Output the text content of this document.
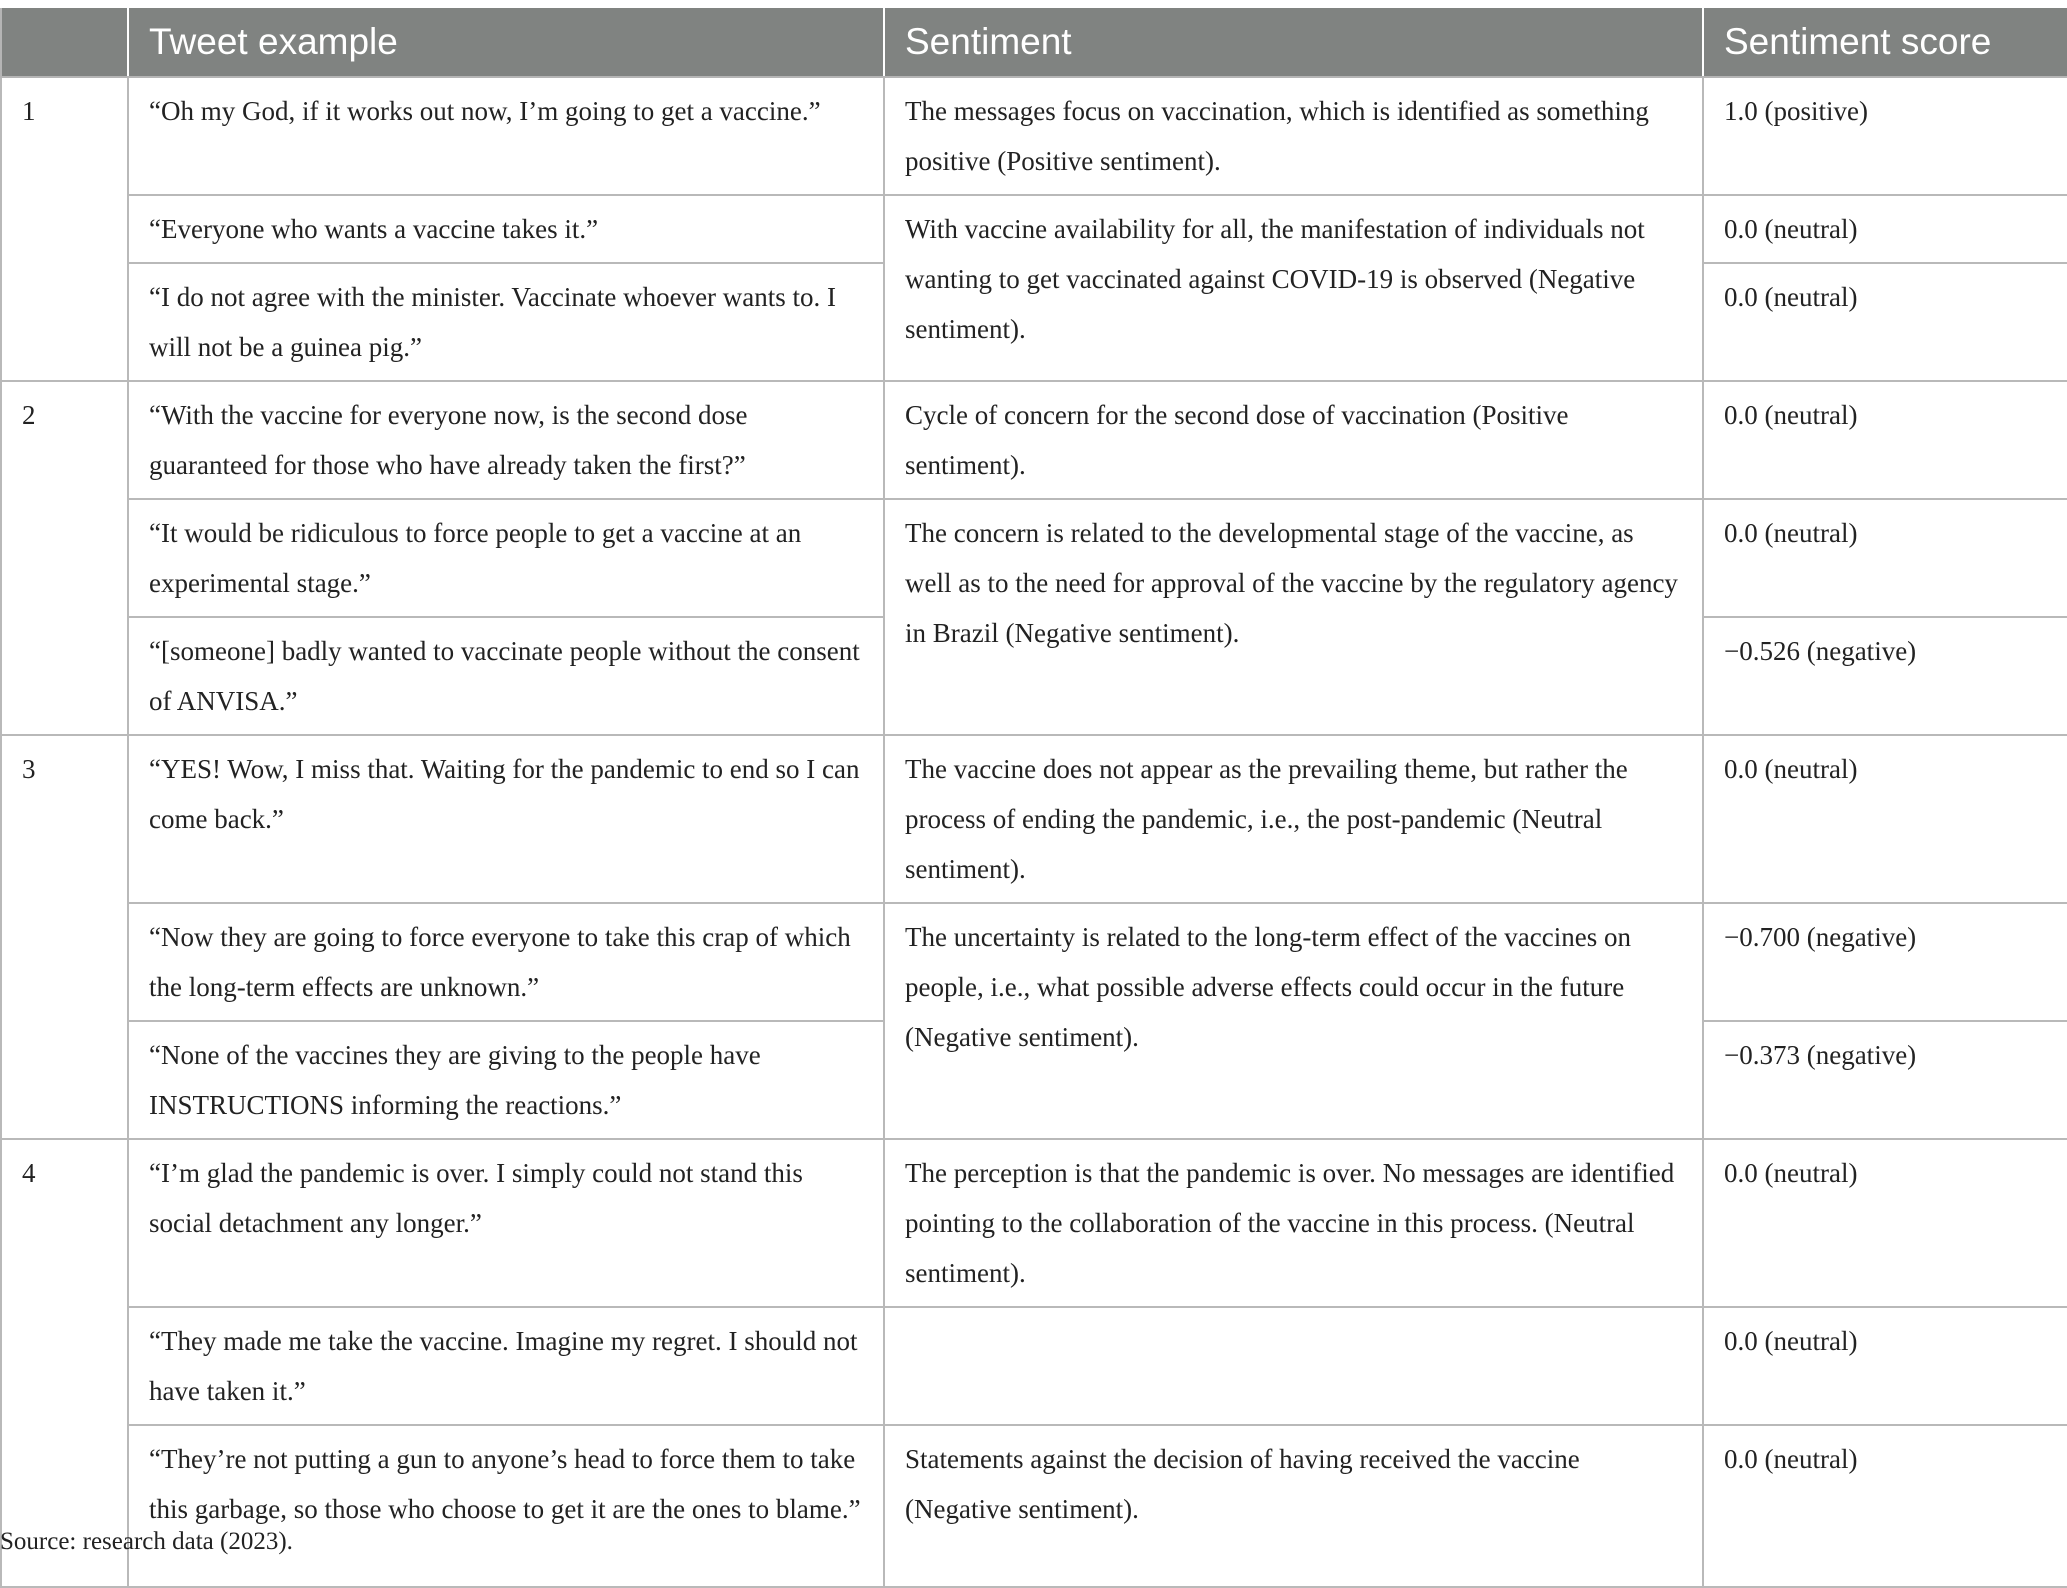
	Tweet example	Sentiment	Sentiment score
1	“Oh my God, if it works out now, I’m going to get a vaccine.”	The messages focus on vaccination, which is identified as something positive (Positive sentiment).	1.0 (positive)
	“Everyone who wants a vaccine takes it.”	With vaccine availability for all, the manifestation of individuals not wanting to get vaccinated against COVID-19 is observed (Negative sentiment).	0.0 (neutral)
	“I do not agree with the minister. Vaccinate whoever wants to. I will not be a guinea pig.”		0.0 (neutral)
2	“With the vaccine for everyone now, is the second dose guaranteed for those who have already taken the first?”	Cycle of concern for the second dose of vaccination (Positive sentiment).	0.0 (neutral)
	“It would be ridiculous to force people to get a vaccine at an experimental stage.”	The concern is related to the developmental stage of the vaccine, as well as to the need for approval of the vaccine by the regulatory agency in Brazil (Negative sentiment).	0.0 (neutral)
	“[someone] badly wanted to vaccinate people without the consent of ANVISA.”		−0.526 (negative)
3	“YES! Wow, I miss that. Waiting for the pandemic to end so I can come back.”	The vaccine does not appear as the prevailing theme, but rather the process of ending the pandemic, i.e., the post-pandemic (Neutral sentiment).	0.0 (neutral)
	“Now they are going to force everyone to take this crap of which the long-term effects are unknown.”	The uncertainty is related to the long-term effect of the vaccines on people, i.e., what possible adverse effects could occur in the future (Negative sentiment).	−0.700 (negative)
	“None of the vaccines they are giving to the people have INSTRUCTIONS informing the reactions.”		−0.373 (negative)
4	“I’m glad the pandemic is over. I simply could not stand this social detachment any longer.”	The perception is that the pandemic is over. No messages are identified pointing to the collaboration of the vaccine in this process. (Neutral sentiment).	0.0 (neutral)
	“They made me take the vaccine. Imagine my regret. I should not have taken it.”		0.0 (neutral)
	“They’re not putting a gun to anyone’s head to force them to take this garbage, so those who choose to get it are the ones to blame.”	Statements against the decision of having received the vaccine (Negative sentiment).	0.0 (neutral)
Source: research data (2023).
